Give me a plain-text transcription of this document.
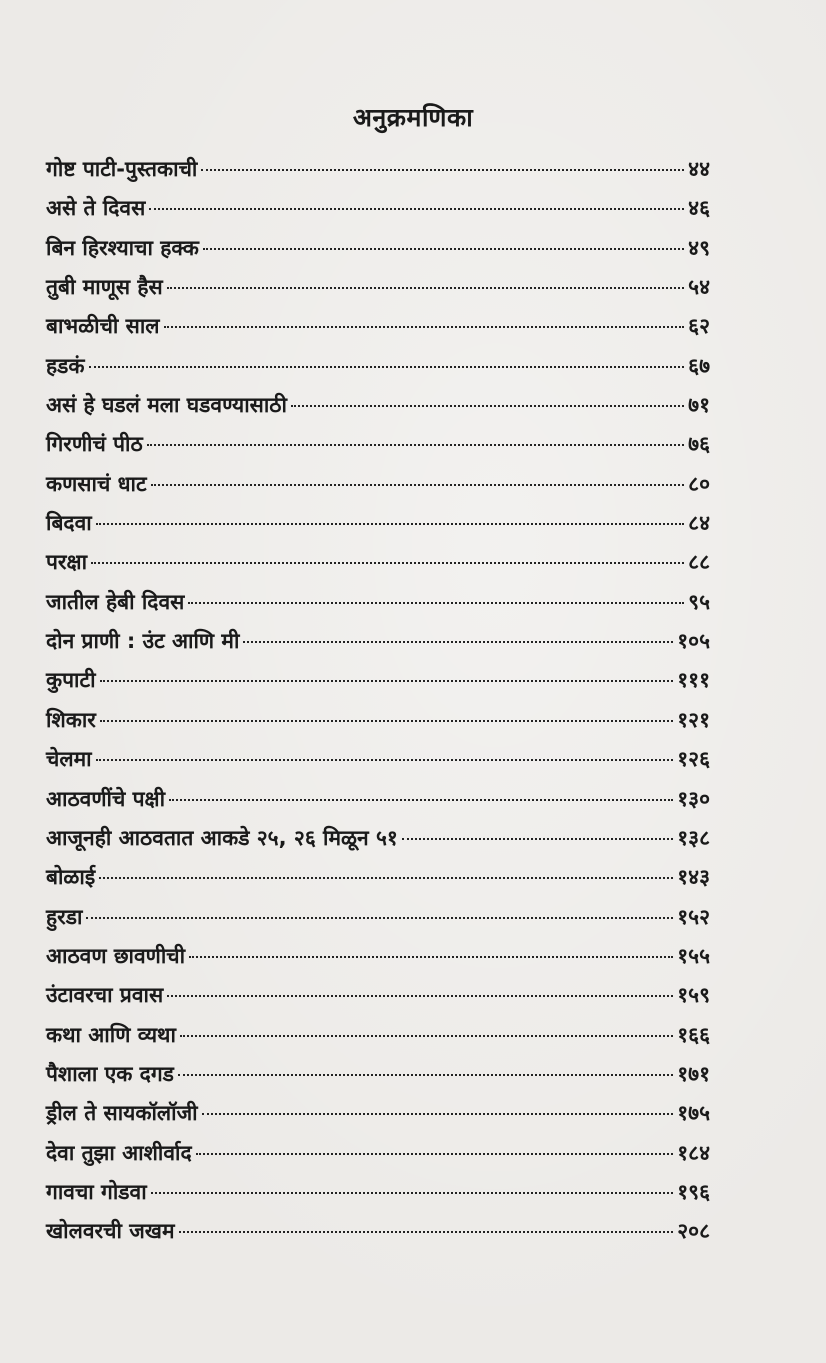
अनुक्रमणिका
गोष्ट पाटी-पुस्तकाची	४४
असे ते दिवस	४६
बिन हिरश्याचा हक्क	४९
तुबी माणूस हैस	५४
बाभळीची साल	६२
हडकं	६७
असं हे घडलं मला घडवण्यासाठी	७१
गिरणीचं पीठ	७६
कणसाचं धाट	८०
बिदवा	८४
परक्षा	८८
जातील हेबी दिवस	९५
दोन प्राणी : उंट आणि मी	१०५
कुपाटी	१११
शिकार	१२१
चेलमा	१२६
आठवणींचे पक्षी	१३०
आजूनही आठवतात आकडे २५, २६ मिळून ५१	१३८
बोळाई	१४३
हुरडा	१५२
आठवण छावणीची	१५५
उंटावरचा प्रवास	१५९
कथा आणि व्यथा	१६६
पैशाला एक दगड	१७१
ड्रील ते सायकॉलॉजी	१७५
देवा तुझा आशीर्वाद	१८४
गावचा गोडवा	१९६
खोलवरची जखम	२०८
